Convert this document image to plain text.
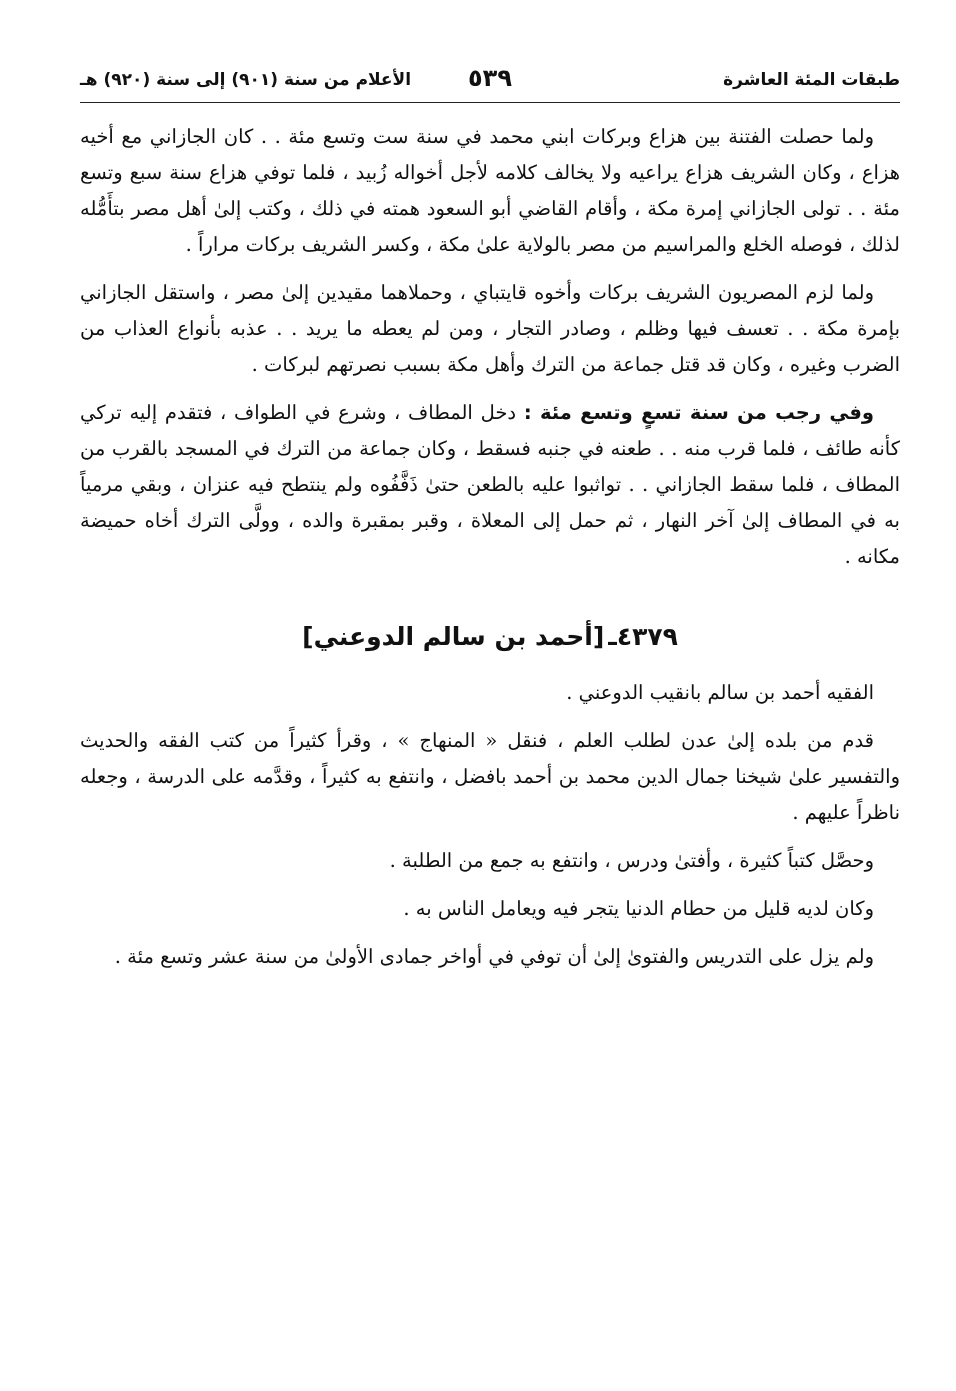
طبقات المئة العاشرة
٥٣٩
الأعلام من سنة (٩٠١) إلى سنة (٩٢٠) هـ

ولما حصلت الفتنة بين هزاع وبركات ابني محمد في سنة ست وتسع مئة . . كان الجازاني مع أخيه هزاع ، وكان الشريف هزاع يراعيه ولا يخالف كلامه لأجل أخواله زُبيد ، فلما توفي هزاع سنة سبع وتسع مئة . . تولى الجازاني إمرة مكة ، وأقام القاضي أبو السعود همته في ذلك ، وكتب إلىٰ أهل مصر بتأَمُّله لذلك ، فوصله الخلع والمراسيم من مصر بالولاية علىٰ مكة ، وكسر الشريف بركات مراراً .

ولما لزم المصريون الشريف بركات وأخوه قايتباي ، وحملاهما مقيدين إلىٰ مصر ، واستقل الجازاني بإمرة مكة . . تعسف فيها وظلم ، وصادر التجار ، ومن لم يعطه ما يريد . . عذبه بأنواع العذاب من الضرب وغيره ، وكان قد قتل جماعة من الترك وأهل مكة بسبب نصرتهم لبركات .

وفي رجب من سنة تسعٍ وتسع مئة : دخل المطاف ، وشرع في الطواف ، فتقدم إليه تركي كأنه طائف ، فلما قرب منه . . طعنه في جنبه فسقط ، وكان جماعة من الترك في المسجد بالقرب من المطاف ، فلما سقط الجازاني . . تواثبوا عليه بالطعن حتىٰ ذَفَّفُوه ولم ينتطح فيه عنزان ، وبقي مرمياً به في المطاف إلىٰ آخر النهار ، ثم حمل إلى المعلاة ، وقبر بمقبرة والده ، وولَّى الترك أخاه حميضة مكانه .

٤٣٧٩ـ[أحمد بن سالم الدوعني]

الفقيه أحمد بن سالم بانقيب الدوعني .

قدم من بلده إلىٰ عدن لطلب العلم ، فنقل « المنهاج » ، وقرأ كثيراً من كتب الفقه والحديث والتفسير علىٰ شيخنا جمال الدين محمد بن أحمد بافضل ، وانتفع به كثيراً ، وقدَّمه على الدرسة ، وجعله ناظراً عليهم .

وحصَّل كتباً كثيرة ، وأفتىٰ ودرس ، وانتفع به جمع من الطلبة .

وكان لديه قليل من حطام الدنيا يتجر فيه ويعامل الناس به .

ولم يزل على التدريس والفتوىٰ إلىٰ أن توفي في أواخر جمادى الأولىٰ من سنة عشر وتسع مئة .
